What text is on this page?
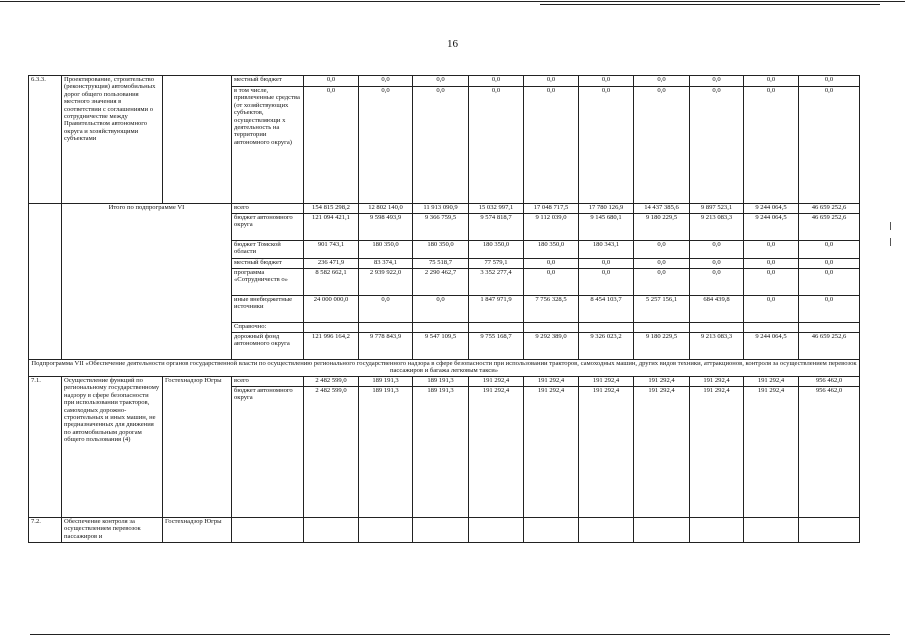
16
6.3.3.	Проектирование, строительство (реконструкция) автомобильных дорог общего пользования местного значения в соответствии с соглашениями о сотрудничестве между Правительством автономного округа и хозяйствующими субъектами		местный бюджет	0,0	0,0	0,0	0,0	0,0	0,0	0,0	0,0	0,0	0,0
			в том числе, привлеченные средства (от хозяйствующих субъектов, осуществляющи х деятельность на территории автономного округа)	0,0	0,0	0,0	0,0	0,0	0,0	0,0	0,0	0,0	0,0
	Итого по подпрограмме VI		всего	154 815 298,2	12 802 140,0	11 913 090,9	15 032 997,1	17 048 717,5	17 780 126,9	14 437 385,6	9 897 523,1	9 244 064,5	46 659 252,6
			бюджет автономного округа	121 094 421,1	9 598 493,9	9 366 759,5	9 574 818,7	9 112 039,0	9 145 680,1	9 180 229,5	9 213 083,3	9 244 064,5	46 659 252,6
			бюджет Томской области	901 743,1	180 350,0	180 350,0	180 350,0	180 350,0	180 343,1	0,0	0,0	0,0	0,0
			местный бюджет	236 471,9	83 374,1	75 518,7	77 579,1	0,0	0,0	0,0	0,0	0,0	0,0
			программа «Сотрудничеств о»	8 582 662,1	2 939 922,0	2 290 462,7	3 352 277,4	0,0	0,0	0,0	0,0	0,0	0,0
			иные внебюджетные источники	24 000 000,0	0,0	0,0	1 847 971,9	7 756 328,5	8 454 103,7	5 257 156,1	684 439,8	0,0	0,0
			Справочно:										
			дорожный фонд автономного округа	121 996 164,2	9 778 843,9	9 547 109,5	9 755 168,7	9 292 389,0	9 326 023,2	9 180 229,5	9 213 083,3	9 244 064,5	46 659 252,6
Подпрограмма VII «Обеспечение деятельности органов государственной власти по осуществлению регионального государственного надзора в сфере безопасности при использовании тракторов, самоходных машин, других видов техники, аттракционов, контроля за осуществлением перевозок пассажиров и багажа легковым такси»													
7.1.	Осуществление функций по региональному государственному надзору в сфере безопасности при использовании тракторов, самоходных дорожно-строительных и иных машин, не предназначенных для движения по автомобильным дорогам общего пользования (4)	Гостехнадзор Югры	всего	2 482 599,0	189 191,3	189 191,3	191 292,4	191 292,4	191 292,4	191 292,4	191 292,4	191 292,4	956 462,0
			бюджет автономного округа	2 482 599,0	189 191,3	189 191,3	191 292,4	191 292,4	191 292,4	191 292,4	191 292,4	191 292,4	956 462,0
7.2.	Обеспечение контроля за осуществлением перевозок пассажиров и	Гостехнадзор Югры											
